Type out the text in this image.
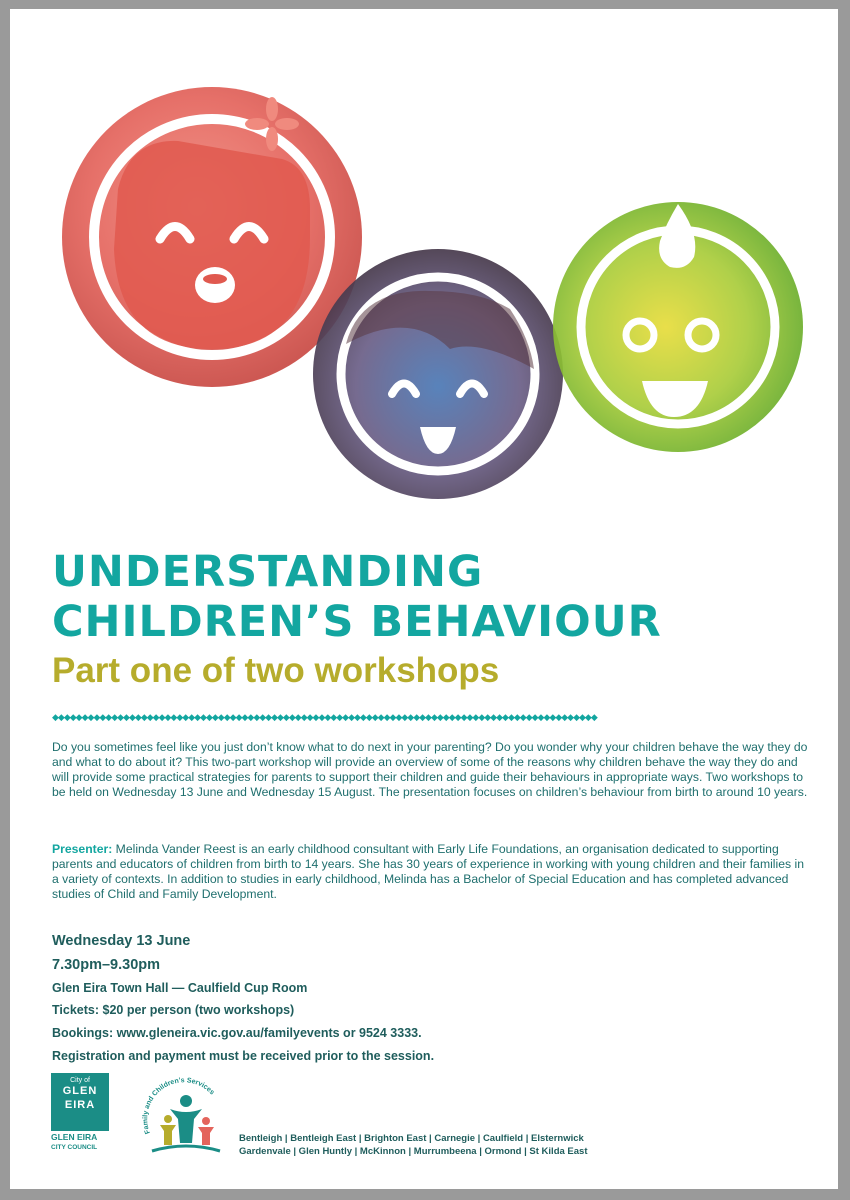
UNDERSTANDING
CHILDREN’S BEHAVIOUR
Part one of two workshops
◆◆◆◆◆◆◆◆◆◆◆◆◆◆◆◆◆◆◆◆◆◆◆◆◆◆◆◆◆◆◆◆◆◆◆◆◆◆◆◆◆◆◆◆◆◆◆◆◆◆◆◆◆◆◆◆◆◆◆◆◆◆◆◆◆◆◆◆◆◆◆◆◆◆◆◆◆◆◆◆◆◆◆◆◆◆◆◆◆◆◆◆
Do you sometimes feel like you just don’t know what to do next in your parenting? Do you wonder why your children behave the way they do and what to do about it? This two-part workshop will provide an overview of some of the reasons why children behave the way they do and will provide some practical strategies for parents to support their children and guide their behaviours in appropriate ways. Two workshops to be held on Wednesday 13 June and Wednesday 15 August. The presentation focuses on children’s behaviour from birth to around 10 years.
Presenter: Melinda Vander Reest is an early childhood consultant with Early Life Foundations, an organisation dedicated to supporting parents and educators of children from birth to 14 years. She has 30 years of experience in working with young children and their families in a variety of contexts. In addition to studies in early childhood, Melinda has a Bachelor of Special Education and has completed advanced studies of Child and Family Development.
Wednesday 13 June
7.30pm–9.30pm
Glen Eira Town Hall — Caulfield Cup Room
Tickets: $20 per person (two workshops)
Bookings: www.gleneira.vic.gov.au/familyevents or 9524 3333.
Registration and payment must be received prior to the session.
City of
GLEN
EIRA
GLEN EIRA
CITY COUNCIL
Family and Children’s Services
Bentleigh | Bentleigh East | Brighton East | Carnegie | Caulfield | Elsternwick
Gardenvale | Glen Huntly | McKinnon | Murrumbeena | Ormond | St Kilda East
